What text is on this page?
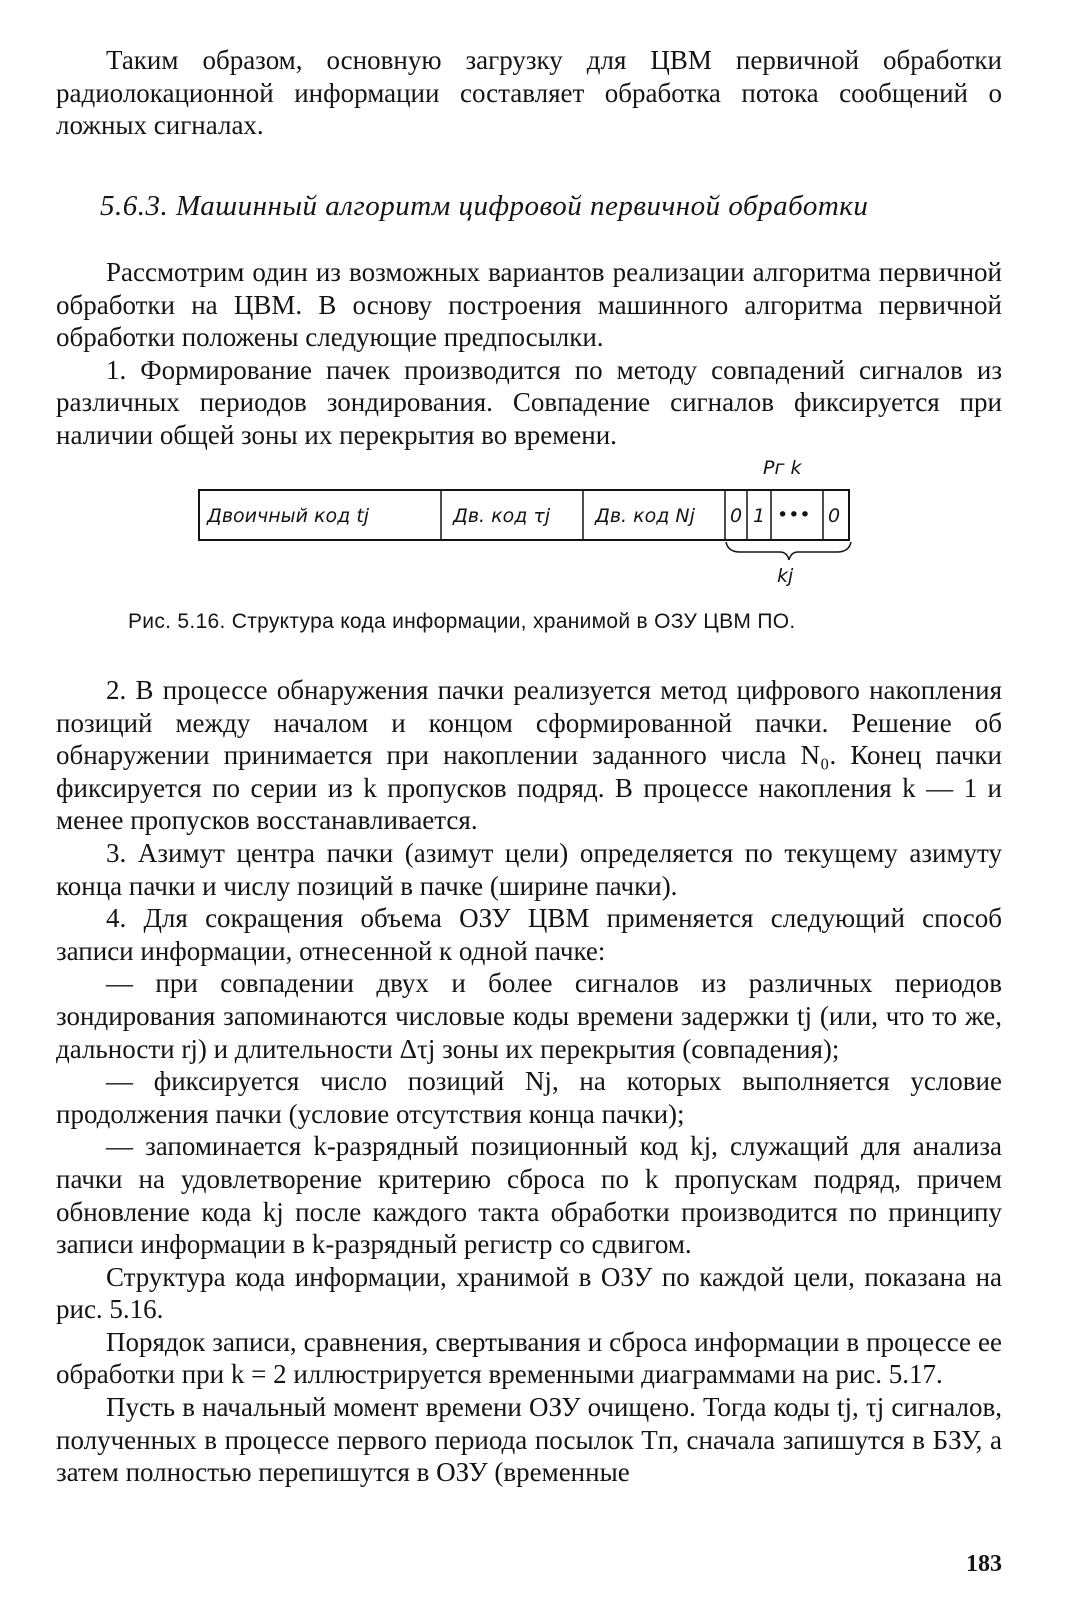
Таким образом, основную загрузку для ЦВМ первичной обработки радиолокационной информации составляет обработка потока сообщений о ложных сигналах.

5.6.3. Машинный алгоритм цифровой первичной обработки

Рассмотрим один из возможных вариантов реализации алгоритма первичной обработки на ЦВМ. В основу построения машинного алгоритма первичной обработки положены следующие предпосылки.

1. Формирование пачек производится по методу совпадений сигналов из различных периодов зондирования. Совпадение сигналов фиксируется при наличии общей зоны их перекрытия во времени.

Рг k
Двоичный код tj	Дв. код τj Дв. код Nj 0 1 ••• 0
kj

Рис. 5.16. Структура кода информации, хранимой в ОЗУ ЦВМ ПО.

2. В процессе обнаружения пачки реализуется метод цифрового накопления позиций между началом и концом сформированной пачки. Решение об обнаружении принимается при накоплении заданного числа N₀. Конец пачки фиксируется по серии из k пропусков подряд. В процессе накопления k — 1 и менее пропусков восстанавливается.

3. Азимут центра пачки (азимут цели) определяется по текущему азимуту конца пачки и числу позиций в пачке (ширине пачки).

4. Для сокращения объема ОЗУ ЦВМ применяется следующий способ записи информации, отнесенной к одной пачке:

— при совпадении двух и более сигналов из различных периодов зондирования запоминаются числовые коды времени задержки tj (или, что то же, дальности rj) и длительности Δτj зоны их перекрытия (совпадения);

— фиксируется число позиций Nj, на которых выполняется условие продолжения пачки (условие отсутствия конца пачки);

— запоминается k-разрядный позиционный код kj, служащий для анализа пачки на удовлетворение критерию сброса по k пропускам подряд, причем обновление кода kj после каждого такта обработки производится по принципу записи информации в k-разрядный регистр со сдвигом.

Структура кода информации, хранимой в ОЗУ по каждой цели, показана на рис. 5.16.

Порядок записи, сравнения, свертывания и сброса информации в процессе ее обработки при k = 2 иллюстрируется временными диаграммами на рис. 5.17.

Пусть в начальный момент времени ОЗУ очищено. Тогда коды tj, τj сигналов, полученных в процессе первого периода посылок Tп, сначала запишутся в БЗУ, а затем полностью перепишутся в ОЗУ (временные

183
